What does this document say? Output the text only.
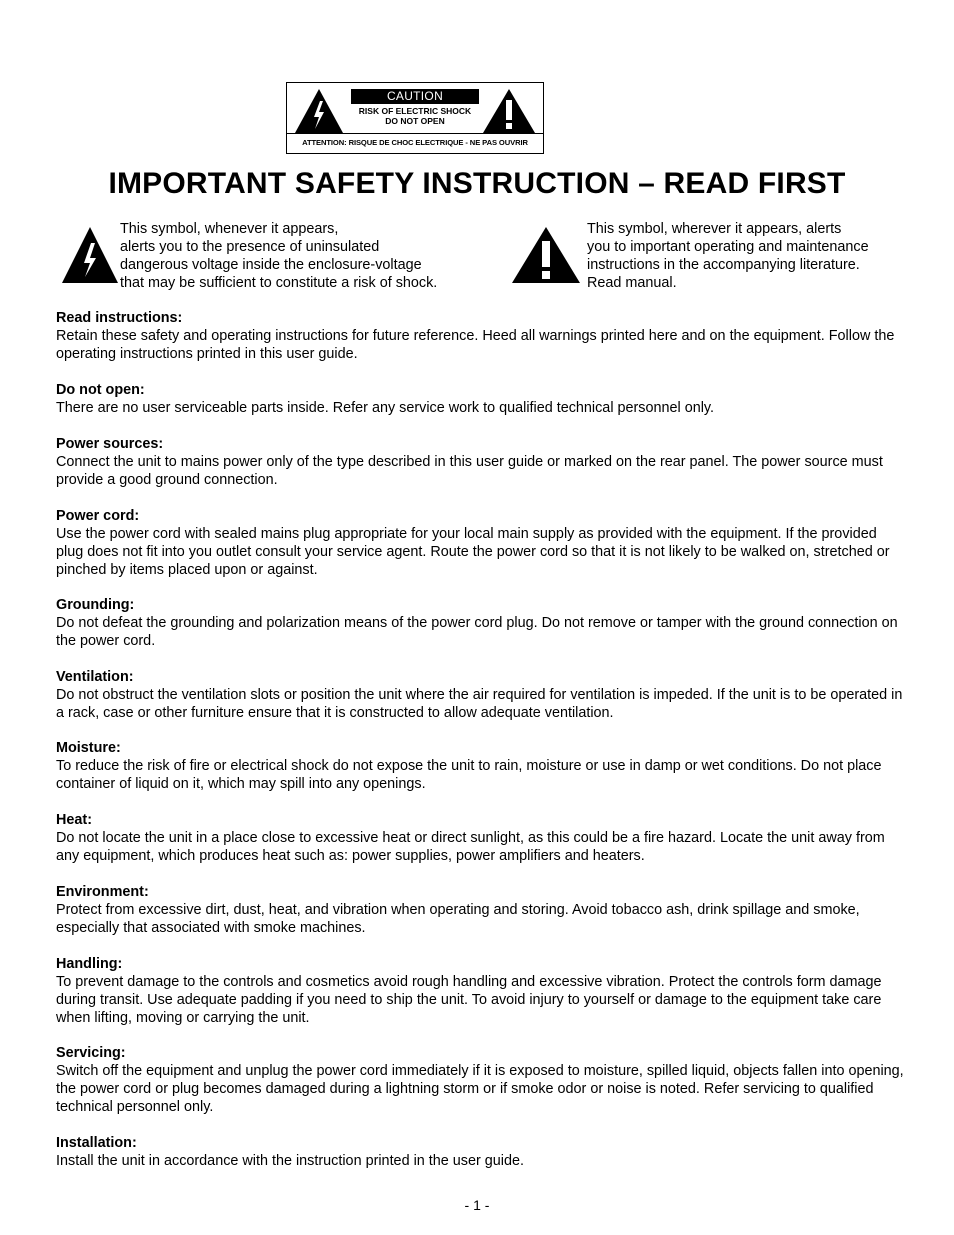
CAUTION
RISK OF ELECTRIC SHOCK
DO NOT OPEN
ATTENTION: RISQUE DE CHOC ELECTRIQUE - NE PAS OUVRIR
IMPORTANT SAFETY INSTRUCTION – READ FIRST
This symbol, whenever it appears,
alerts you to the presence of uninsulated
dangerous voltage inside the enclosure-voltage
that may be sufficient to constitute a risk of shock.
This symbol, wherever it appears, alerts
you to important operating and maintenance
instructions in the accompanying literature.
Read manual.
Read instructions:

Retain these safety and operating instructions for future reference. Heed all warnings printed here and on the equipment. Follow the operating instructions printed in this user guide.

Do not open:

There are no user serviceable parts inside. Refer any service work to qualified technical personnel only.

Power sources:

Connect the unit to mains power only of the type described in this user guide or marked on the rear panel. The power source must provide a good ground connection.

Power cord:

Use the power cord with sealed mains plug appropriate for your local main supply as provided with the equipment. If the provided plug does not fit into you outlet consult your service agent. Route the power cord so that it is not likely to be walked on, stretched or pinched by items placed upon or against.

Grounding:

Do not defeat the grounding and polarization means of the power cord plug. Do not remove or tamper with the ground connection on the power cord.

Ventilation:

Do not obstruct the ventilation slots or position the unit where the air required for ventilation is impeded. If the unit is to be operated in a rack, case or other furniture ensure that it is constructed to allow adequate ventilation.

Moisture:

To reduce the risk of fire or electrical shock do not expose the unit to rain, moisture or use in damp or wet conditions. Do not place container of liquid on it, which may spill into any openings.

Heat:

Do not locate the unit in a place close to excessive heat or direct sunlight, as this could be a fire hazard. Locate the unit away from any equipment, which produces heat such as: power supplies, power amplifiers and heaters.

Environment:

Protect from excessive dirt, dust, heat, and vibration when operating and storing. Avoid tobacco ash, drink spillage and smoke, especially that associated with smoke machines.

Handling:

To prevent damage to the controls and cosmetics avoid rough handling and excessive vibration. Protect the controls form damage during transit. Use adequate padding if you need to ship the unit. To avoid injury to yourself or damage to the equipment take care when lifting, moving or carrying the unit.

Servicing:

Switch off the equipment and unplug the power cord immediately if it is exposed to moisture, spilled liquid, objects fallen into opening, the power cord or plug becomes damaged during a lightning storm or if smoke odor or noise is noted. Refer servicing to qualified technical personnel only.

Installation:

Install the unit in accordance with the instruction printed in the user guide.

- 1 -
